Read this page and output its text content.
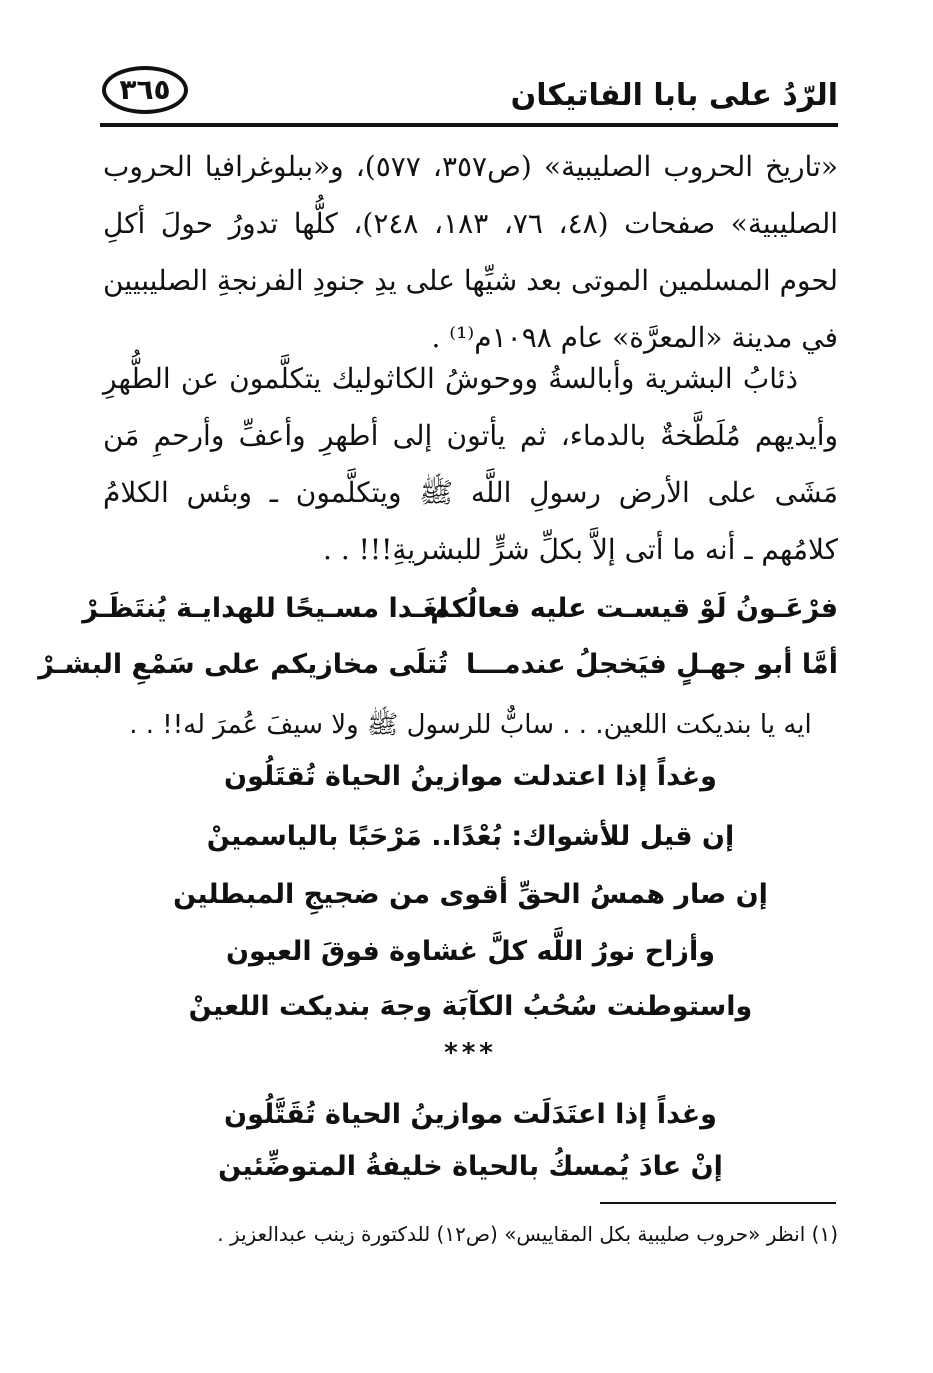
الرّدُ على بابا الفاتيكان
٣٦٥

«تاريخ الحروب الصليبية» (ص٣٥٧، ٥٧٧)، و«ببلوغرافيا الحروب الصليبية» صفحات (٤٨، ٧٦، ١٨٣، ٢٤٨)، كلُّها تدورُ حولَ أكلِ لحوم المسلمين الموتى بعد شيِّها على يدِ جنودِ الفرنجةِ الصليبيين في مدينة «المعرَّة» عام ١٠٩٨م⁽¹⁾ .

ذئابُ البشرية وأبالسةُ ووحوشُ الكاثوليك يتكلَّمون عن الطُّهرِ وأيديهم مُلَطَّخةٌ بالدماء، ثم يأتون إلى أطهرِ وأعفِّ وأرحمِ مَن مَشَى على الأرض رسولِ اللَّه ﷺ ويتكلَّمون ـ وبئس الكلامُ كلامُهم ـ أنه ما أتى إلاَّ بكلِّ شرٍّ للبشريةِ!!! . .

فرْعَـونُ لَوْ قيسـت عليه فعالُكم
لغَـدا مسـيحًا للهدايـة يُنتَظَـرْ
أمَّا أبو جهـلٍ فيَخجلُ عندمـــا
تُتلَى مخازيكم على سَمْعِ البشـرْ
ايه يا بنديكت اللعين. . . سابٌّ للرسول ﷺ ولا سيفَ عُمرَ له!! . .
وغداً إذا اعتدلت موازينُ الحياة تُقتَلُون
إن قيل للأشواك: بُعْدًا.. مَرْحَبًا بالياسمينْ
إن صار همسُ الحقِّ أقوى من ضجيجِ المبطلين
وأزاح نورُ اللَّه كلَّ غشاوة فوقَ العيون
واستوطنت سُحُبُ الكآبَة وجهَ بنديكت اللعينْ
***
وغداً إذا اعتَدَلَت موازينُ الحياة تُقَتَّلُون
إنْ عادَ يُمسكُ بالحياة خليفةُ المتوضِّئين
(١) انظر «حروب صليبية بكل المقاييس» (ص١٢) للدكتورة زينب عبدالعزيز .
